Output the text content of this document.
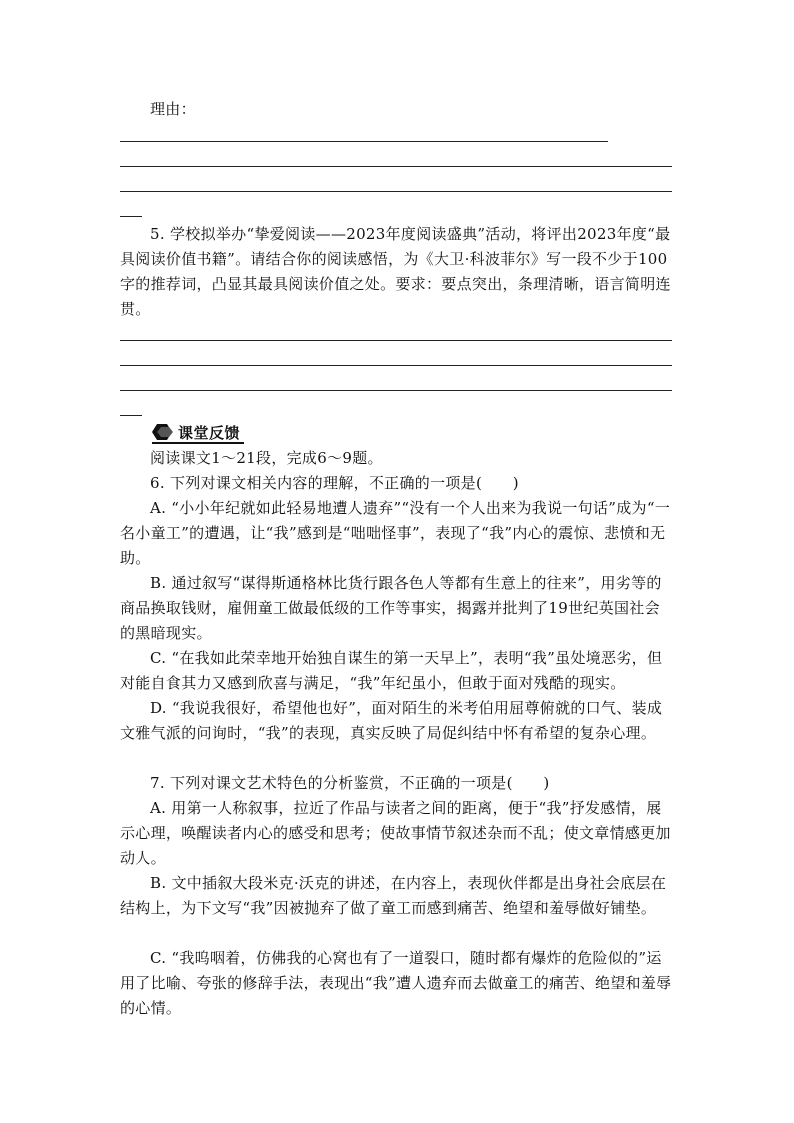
理由：
5. 学校拟举办“挚爱阅读——2023年度阅读盛典”活动，将评出2023年度“最具阅读价值书籍”。请结合你的阅读感悟，为《大卫·科波菲尔》写一段不少于100字的推荐词，凸显其最具阅读价值之处。要求：要点突出，条理清晰，语言简明连贯。
课堂反馈
阅读课文1～21段，完成6～9题。
6. 下列对课文相关内容的理解，不正确的一项是(　　)
A. “小小年纪就如此轻易地遭人遗弃”“没有一个人出来为我说一句话”成为“一名小童工”的遭遇，让“我”感到是“咄咄怪事”，表现了“我”内心的震惊、悲愤和无助。
B. 通过叙写“谋得斯通格林比货行跟各色人等都有生意上的往来”，用劣等的商品换取钱财，雇佣童工做最低级的工作等事实，揭露并批判了19世纪英国社会的黑暗现实。
C. “在我如此荣幸地开始独自谋生的第一天早上”，表明“我”虽处境恶劣，但对能自食其力又感到欣喜与满足，“我”年纪虽小，但敢于面对残酷的现实。
D. “我说我很好，希望他也好”，面对陌生的米考伯用屈尊俯就的口气、装成文雅气派的问询时，“我”的表现，真实反映了局促纠结中怀有希望的复杂心理。
7. 下列对课文艺术特色的分析鉴赏，不正确的一项是(　　)
A. 用第一人称叙事，拉近了作品与读者之间的距离，便于“我”抒发感情，展示心理，唤醒读者内心的感受和思考；使故事情节叙述杂而不乱；使文章情感更加动人。
B. 文中插叙大段米克·沃克的讲述，在内容上，表现伙伴都是出身社会底层在结构上，为下文写“我”因被抛弃了做了童工而感到痛苦、绝望和羞辱做好铺垫。
C. “我呜咽着，仿佛我的心窝也有了一道裂口，随时都有爆炸的危险似的”运用了比喻、夸张的修辞手法，表现出“我”遭人遗弃而去做童工的痛苦、绝望和羞辱的心情。
